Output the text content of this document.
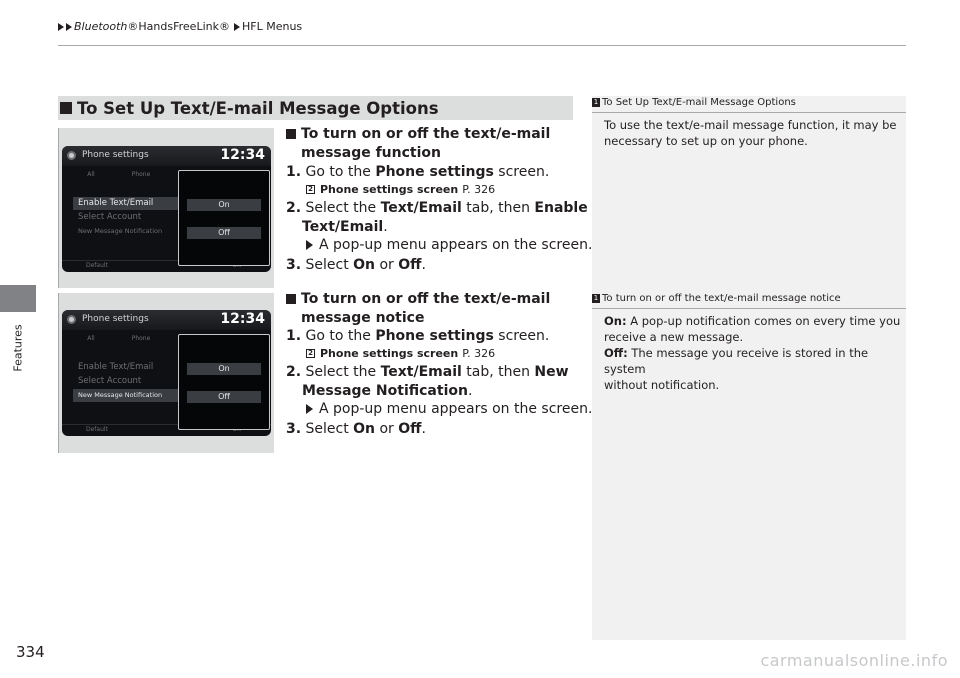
Bluetooth ® HandsFreeLink® HFL Menus
Features
334
To Set Up Text/E-mail Message Options
Phone settings	12:34
All	Phone
Enable Text/Email
Select Account
New Message Notification
Default
On
Off
Phone settings	12:34
All	Phone
Enable Text/Email
Select Account
New Message Notification
Default
On
Off
To turn on or off the text/e-mail
message function
1. Go to the Phone settings screen.
2 Phone settings screen P. 326
2. Select the Text/Email tab, then Enable
Text/Email.
A pop-up menu appears on the screen.
3. Select On or Off.
To turn on or off the text/e-mail
message notice
1. Go to the Phone settings screen.
2 Phone settings screen P. 326
2. Select the Text/Email tab, then New
Message Notification.
A pop-up menu appears on the screen.
3. Select On or Off.
1 To Set Up Text/E-mail Message Options
To use the text/e-mail message function, it may be
necessary to set up on your phone.
1 To turn on or off the text/e-mail message notice
On: A pop-up notification comes on every time you
receive a new message.
Off: The message you receive is stored in the system
without notification.
carmanualsonline.info
